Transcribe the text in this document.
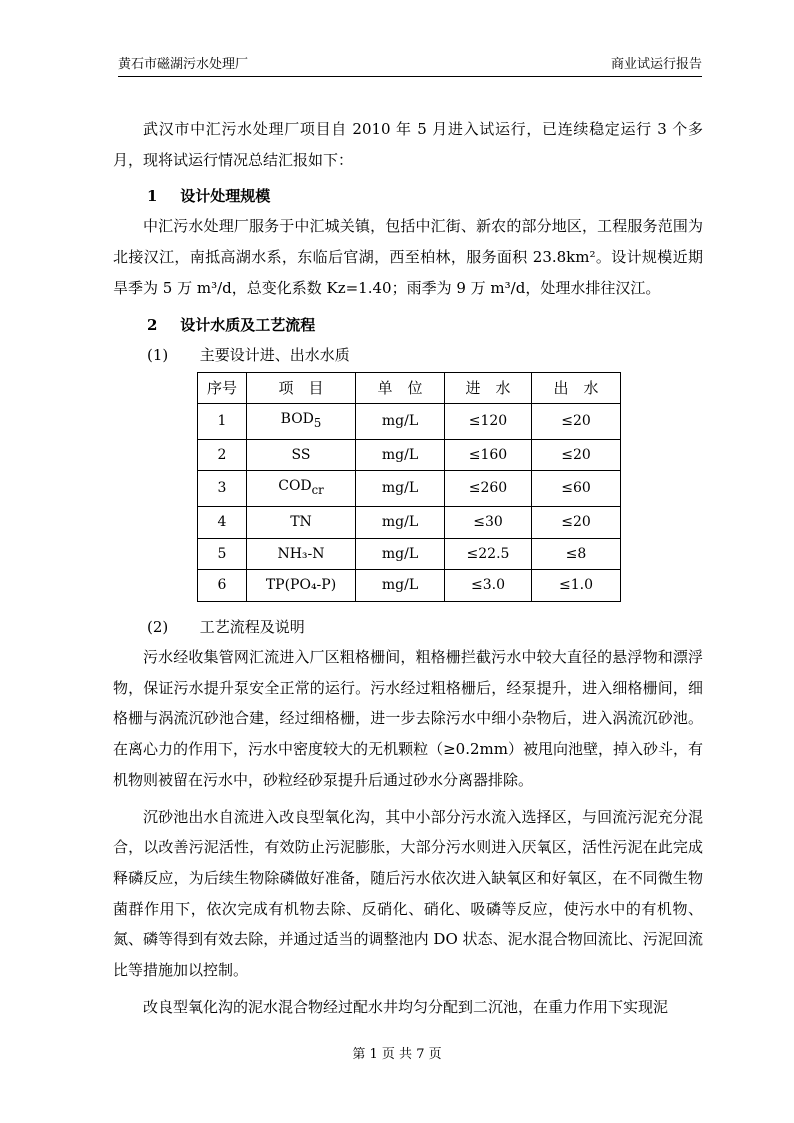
黄石市磁湖污水处理厂	商业试运行报告

武汉市中汇污水处理厂项目自 2010 年 5 月进入试运行，已连续稳定运行 3 个多月，现将试运行情况总结汇报如下：

1 设计处理规模

中汇污水处理厂服务于中汇城关镇，包括中汇街、新农的部分地区，工程服务范围为北接汉江，南抵高湖水系，东临后官湖，西至柏林，服务面积 23.8km²。设计规模近期旱季为 5 万 m³/d，总变化系数 Kz=1.40；雨季为 9 万 m³/d，处理水排往汉江。

2 设计水质及工艺流程
(1) 主要设计进、出水水质
序号	项　目	单　位	进　水	出　水
1	$BOD_5$	mg/L	≤120	≤20
2	SS	mg/L	≤160	≤20
3	$COD_{cr}$	mg/L	≤260	≤60
4	TN	mg/L	≤30	≤20
5	NH₃-N	mg/L	≤22.5	≤8
6	TP(PO₄-P)	mg/L	≤3.0	≤1.0
(2) 工艺流程及说明

污水经收集管网汇流进入厂区粗格栅间，粗格栅拦截污水中较大直径的悬浮物和漂浮物，保证污水提升泵安全正常的运行。污水经过粗格栅后，经泵提升，进入细格栅间，细格栅与涡流沉砂池合建，经过细格栅，进一步去除污水中细小杂物后，进入涡流沉砂池。在离心力的作用下，污水中密度较大的无机颗粒（≥0.2mm）被甩向池壁，掉入砂斗，有机物则被留在污水中，砂粒经砂泵提升后通过砂水分离器排除。

沉砂池出水自流进入改良型氧化沟，其中小部分污水流入选择区，与回流污泥充分混合，以改善污泥活性，有效防止污泥膨胀，大部分污水则进入厌氧区，活性污泥在此完成释磷反应，为后续生物除磷做好准备，随后污水依次进入缺氧区和好氧区，在不同微生物菌群作用下，依次完成有机物去除、反硝化、硝化、吸磷等反应，使污水中的有机物、氮、磷等得到有效去除，并通过适当的调整池内 DO 状态、泥水混合物回流比、污泥回流比等措施加以控制。

改良型氧化沟的泥水混合物经过配水井均匀分配到二沉池，在重力作用下实现泥

第 1 页 共 7 页
